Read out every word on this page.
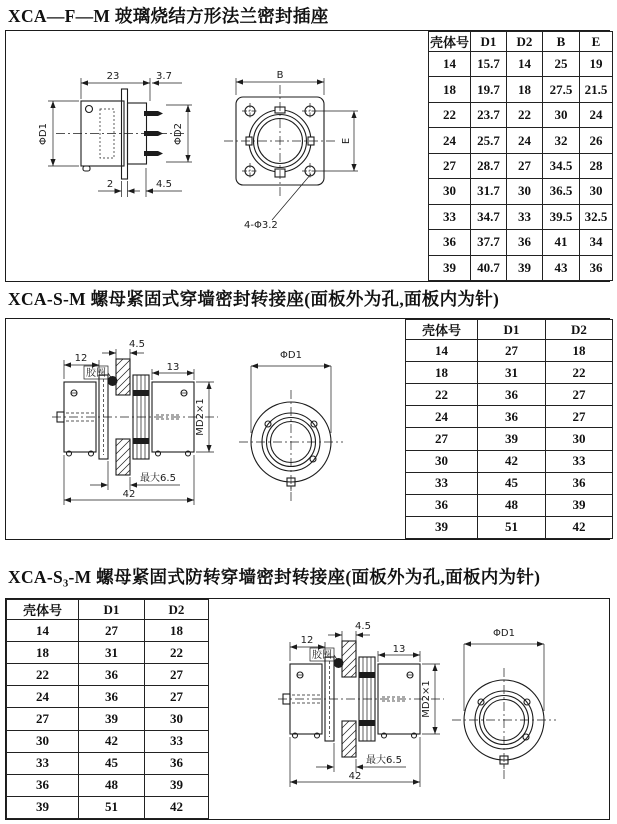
XCA—F—M 玻璃烧结方形法兰密封插座
23	3.7
ΦD1	ΦD2
2	4.5
B
E
4-Φ3.2
壳体号	D1	D2	B	E
14	15.7	14	25	19
18	19.7	18	27.5	21.5
22	23.7	22	30	24
24	25.7	24	32	26
27	28.7	27	34.5	28
30	31.7	30	36.5	30
33	34.7	33	39.5	32.5
36	37.7	36	41	34
39	40.7	39	43	36
XCA-S-M 螺母紧固式穿墙密封转接座(面板外为孔,面板内为针)
12
4.5
胶圈
13
MD2×1
最大6.5
42
ΦD1
壳体号	D1	D2
14	27	18
18	31	22
22	36	27
24	36	27
27	39	30
30	42	33
33	45	36
36	48	39
39	51	42
XCA-S₃-M 螺母紧固式防转穿墙密封转接座(面板外为孔,面板内为针)
壳体号	D1	D2
14	27	18
18	31	22
22	36	27
24	36	27
27	39	30
30	42	33
33	45	36
36	48	39
39	51	42
12
4.5
胶圈
13
MD2×1
最大6.5
42
ΦD1
